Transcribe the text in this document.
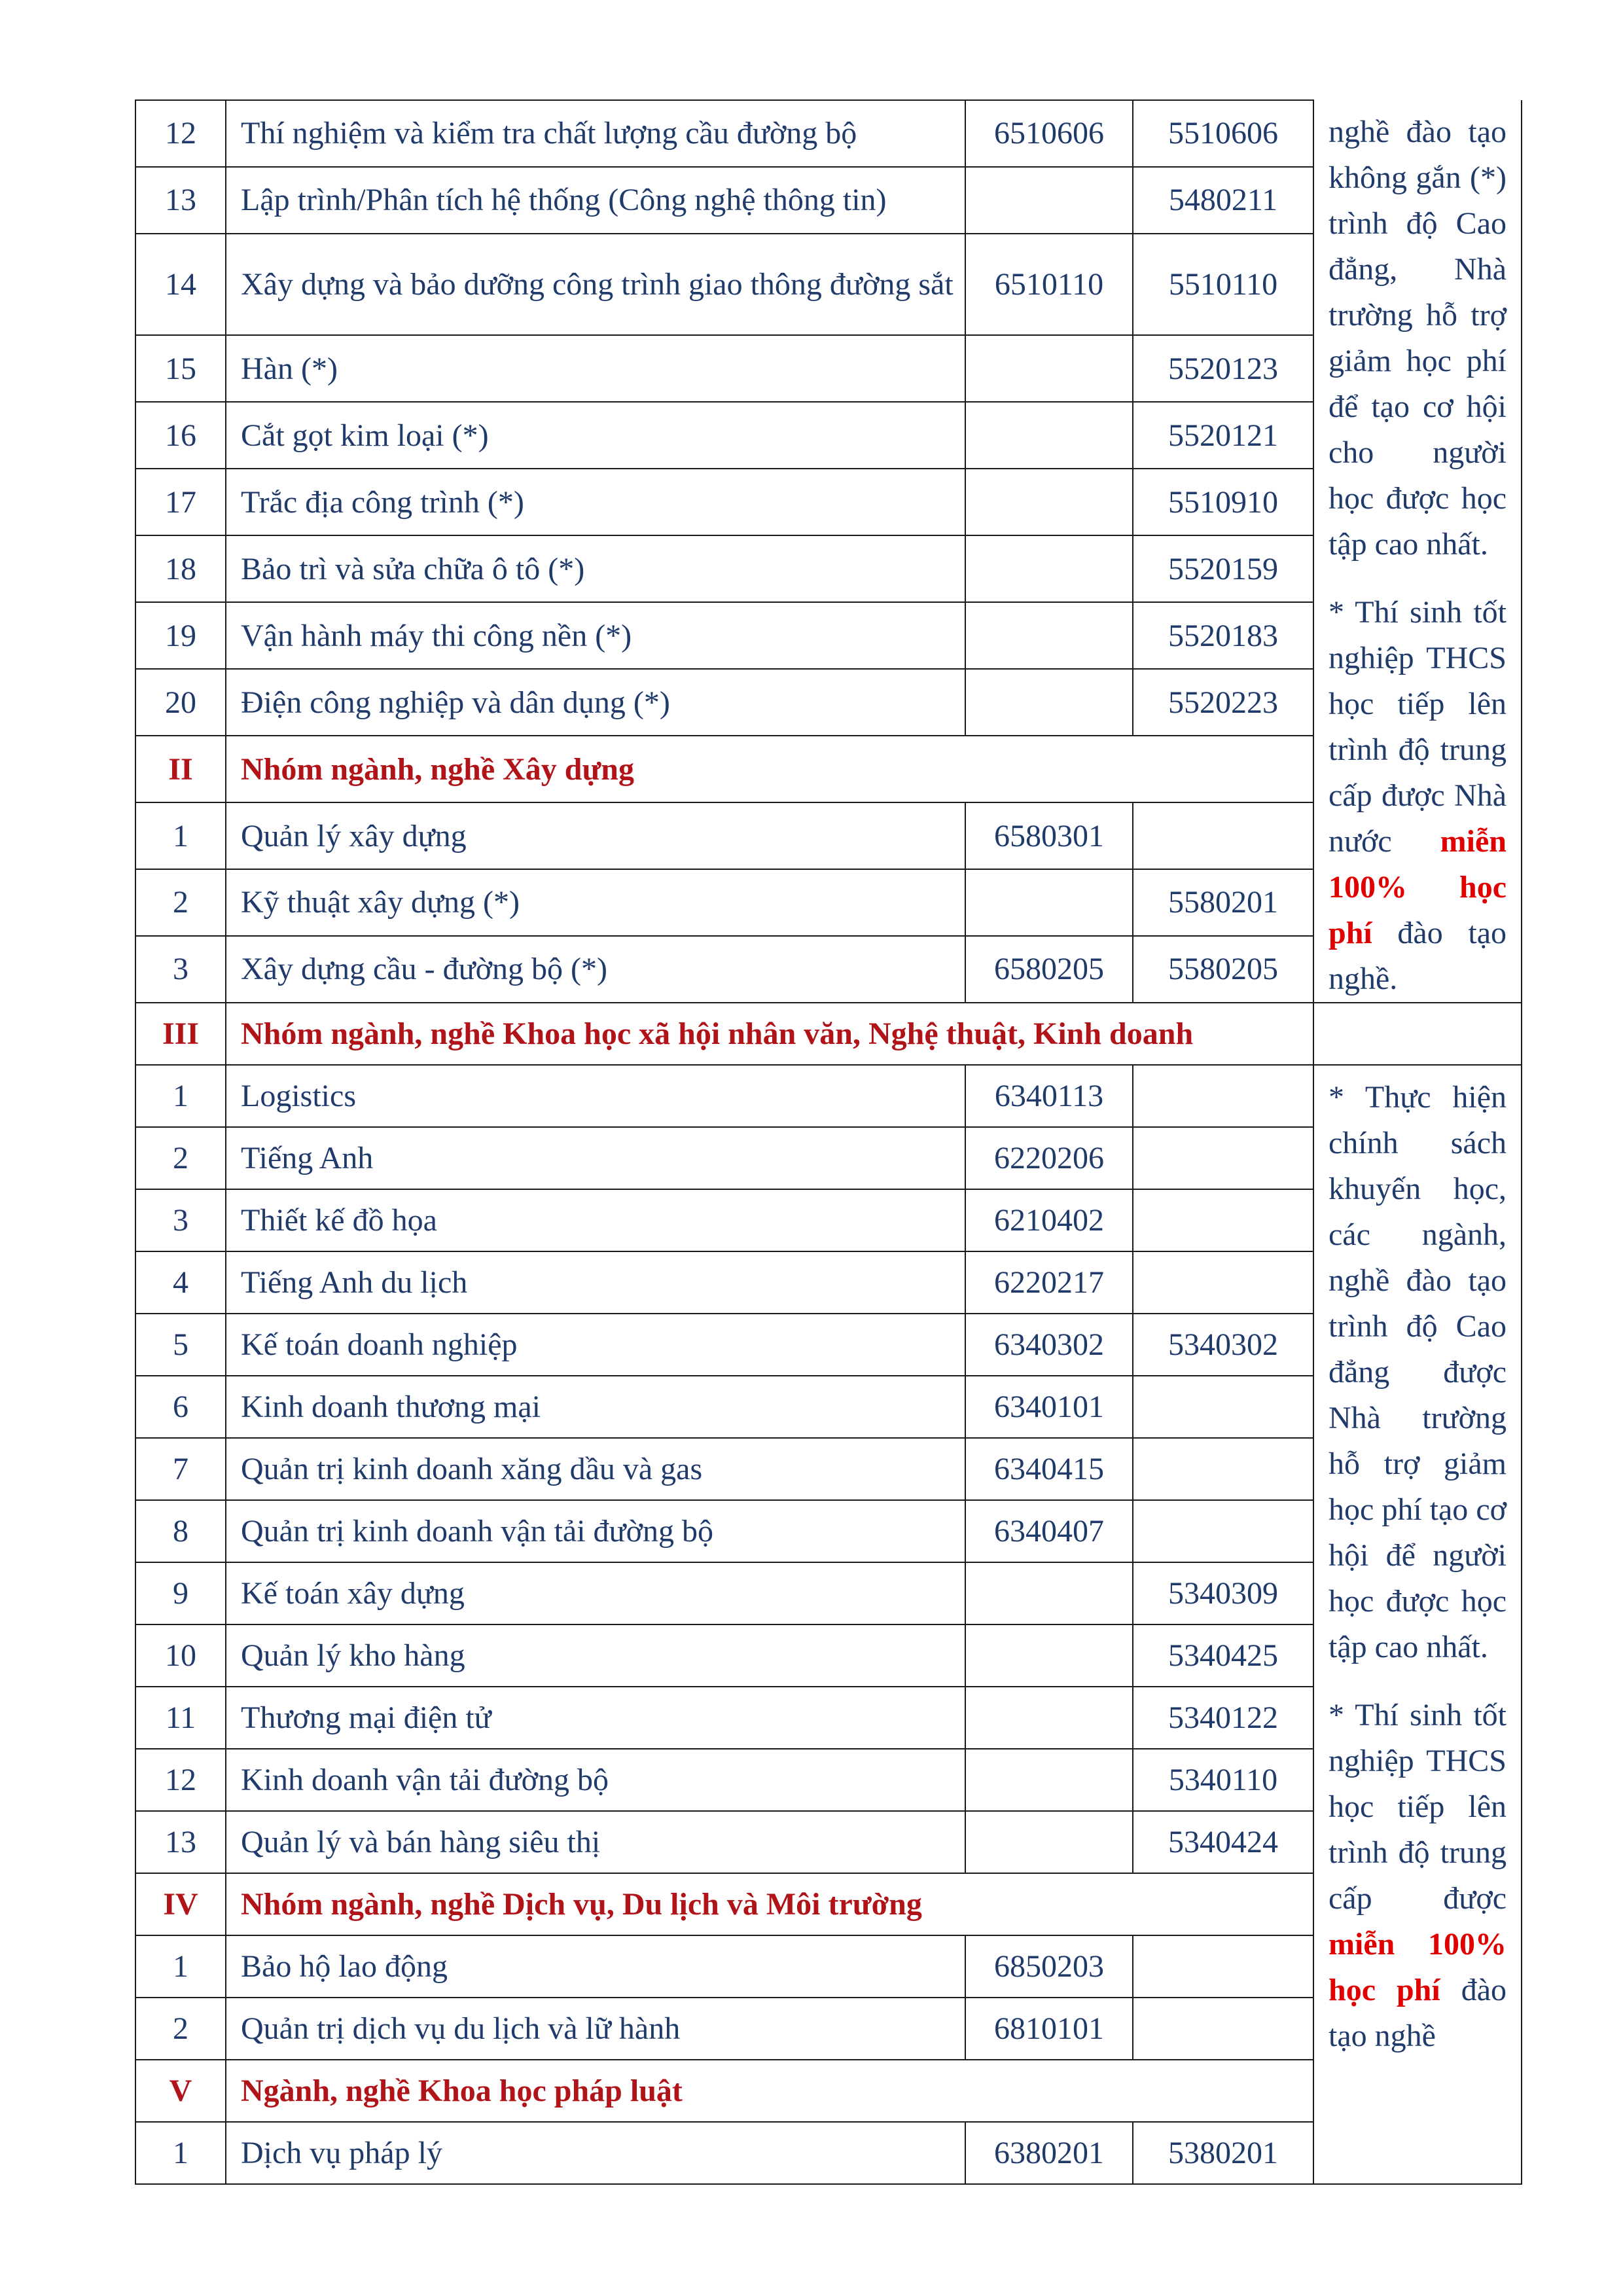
12	Thí nghiệm và kiểm tra chất lượng cầu đường bộ	6510606	5510606	nghề đào tạo không gắn (*) trình độ Cao đẳng, Nhà trường hỗ trợ giảm học phí để tạo cơ hội cho người học được học tập cao nhất.
* Thí sinh tốt nghiệp THCS học tiếp lên trình độ trung cấp được Nhà nước miễn 100% học phí đào tạo nghề.

13	Lập trình/Phân tích hệ thống (Công nghệ thông tin)		5480211	
14	Xây dựng và bảo dưỡng công trình giao thông đường sắt	6510110	5510110	
15	Hàn (*)		5520123	
16	Cắt gọt kim loại (*)		5520121	
17	Trắc địa công trình (*)		5510910	
18	Bảo trì và sửa chữa ô tô (*)		5520159	
19	Vận hành máy thi công nền (*)		5520183	
20	Điện công nghiệp và dân dụng (*)		5520223	
II	Nhóm ngành, nghề Xây dựng			
1	Quản lý xây dựng	6580301		
2	Kỹ thuật xây dựng (*)		5580201	
3	Xây dựng cầu - đường bộ (*)	6580205	5580205	
III	Nhóm ngành, nghề Khoa học xã hội nhân văn, Nghệ thuật, Kinh doanh			
1	Logistics	6340113		* Thực hiện chính sách khuyến học, các ngành, nghề đào tạo trình độ Cao đẳng được Nhà trường hỗ trợ giảm học phí tạo cơ hội để người học được học tập cao nhất.
* Thí sinh tốt nghiệp THCS học tiếp lên trình độ trung cấp được miễn 100% học phí đào tạo nghề

2	Tiếng Anh	6220206		
3	Thiết kế đồ họa	6210402		
4	Tiếng Anh du lịch	6220217		
5	Kế toán doanh nghiệp	6340302	5340302	
6	Kinh doanh thương mại	6340101		
7	Quản trị kinh doanh xăng dầu và gas	6340415		
8	Quản trị kinh doanh vận tải đường bộ	6340407		
9	Kế toán xây dựng		5340309	
10	Quản lý kho hàng		5340425	
11	Thương mại điện tử		5340122	
12	Kinh doanh vận tải đường bộ		5340110	
13	Quản lý và bán hàng siêu thị		5340424	
IV	Nhóm ngành, nghề Dịch vụ, Du lịch và Môi trường			
1	Bảo hộ lao động	6850203		
2	Quản trị dịch vụ du lịch và lữ hành	6810101		
V	Ngành, nghề Khoa học pháp luật			
1	Dịch vụ pháp lý	6380201	5380201	
